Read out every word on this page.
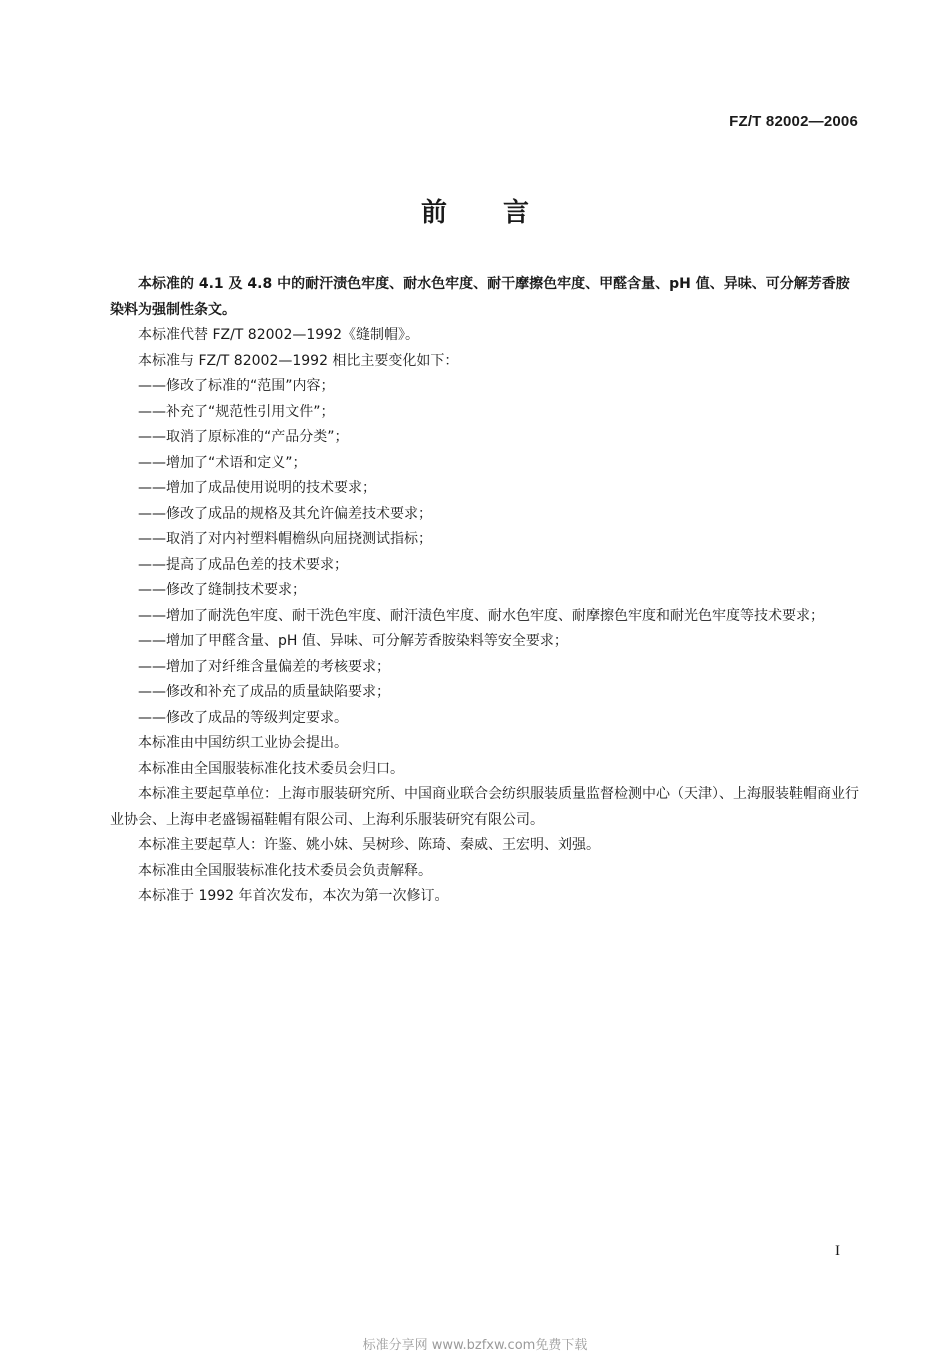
FZ/T 82002—2006
前言

本标准的 4.1 及 4.8 中的耐汗渍色牢度、耐水色牢度、耐干摩擦色牢度、甲醛含量、pH 值、异味、可分解芳香胺染料为强制性条文。

本标准代替 FZ/T 82002—1992《缝制帽》。

本标准与 FZ/T 82002—1992 相比主要变化如下：

——修改了标准的“范围”内容；

——补充了“规范性引用文件”；

——取消了原标准的“产品分类”；

——增加了“术语和定义”；

——增加了成品使用说明的技术要求；

——修改了成品的规格及其允许偏差技术要求；

——取消了对内衬塑料帽檐纵向屈挠测试指标；

——提高了成品色差的技术要求；

——修改了缝制技术要求；

——增加了耐洗色牢度、耐干洗色牢度、耐汗渍色牢度、耐水色牢度、耐摩擦色牢度和耐光色牢度等技术要求；

——增加了甲醛含量、pH 值、异味、可分解芳香胺染料等安全要求；

——增加了对纤维含量偏差的考核要求；

——修改和补充了成品的质量缺陷要求；

——修改了成品的等级判定要求。

本标准由中国纺织工业协会提出。

本标准由全国服装标准化技术委员会归口。

本标准主要起草单位：上海市服装研究所、中国商业联合会纺织服装质量监督检测中心（天津）、上海服装鞋帽商业行业协会、上海申老盛锡福鞋帽有限公司、上海利乐服装研究有限公司。

本标准主要起草人：许鉴、姚小妹、吴树珍、陈琦、秦威、王宏明、刘强。

本标准由全国服装标准化技术委员会负责解释。

本标准于 1992 年首次发布，本次为第一次修订。

I
标准分享网 www.bzfxw.com免费下载
